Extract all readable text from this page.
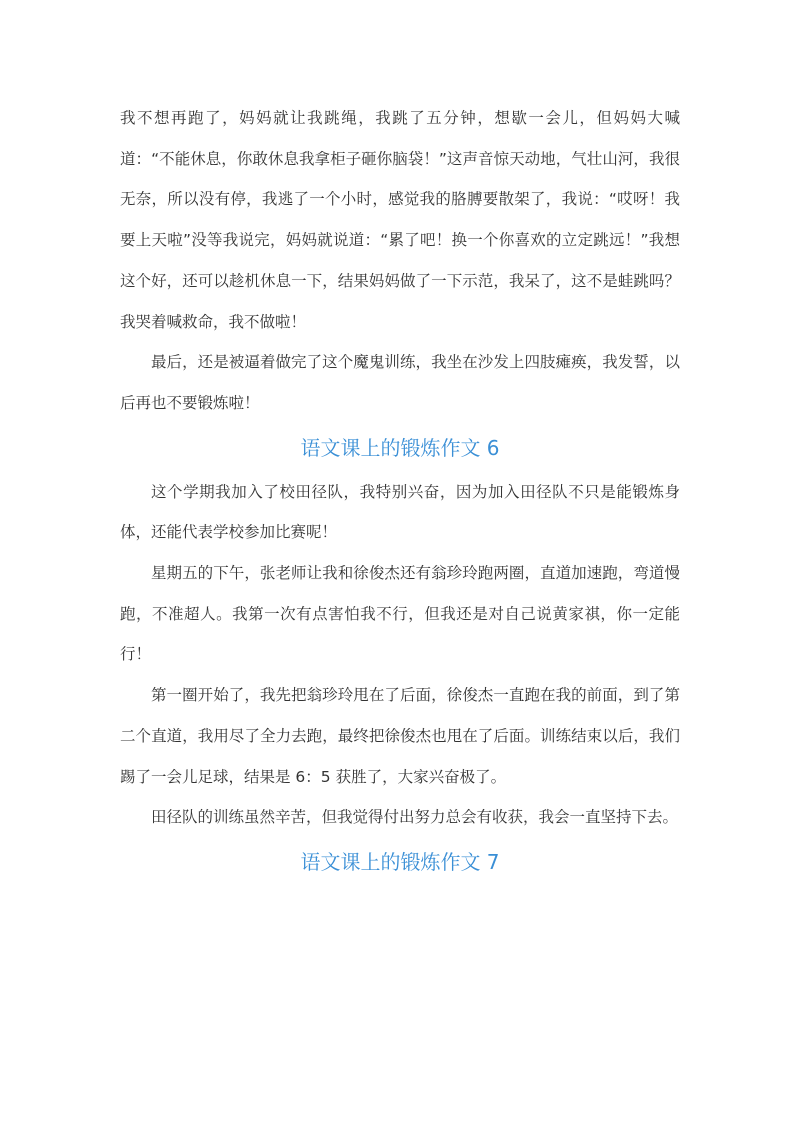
我不想再跑了，妈妈就让我跳绳，我跳了五分钟，想歇一会儿，但妈妈大喊道：“不能休息，你敢休息我拿柜子砸你脑袋！”这声音惊天动地，气壮山河，我很无奈，所以没有停，我逃了一个小时，感觉我的胳膊要散架了，我说：“哎呀！我要上天啦”没等我说完，妈妈就说道：“累了吧！换一个你喜欢的立定跳远！”我想这个好，还可以趁机休息一下，结果妈妈做了一下示范，我呆了，这不是蛙跳吗？我哭着喊救命，我不做啦！

最后，还是被逼着做完了这个魔鬼训练，我坐在沙发上四肢瘫痪，我发誓，以后再也不要锻炼啦！

语文课上的锻炼作文 6

这个学期我加入了校田径队，我特别兴奋，因为加入田径队不只是能锻炼身体，还能代表学校参加比赛呢！

星期五的下午，张老师让我和徐俊杰还有翁珍玲跑两圈，直道加速跑，弯道慢跑，不准超人。我第一次有点害怕我不行，但我还是对自己说黄家祺，你一定能行！

第一圈开始了，我先把翁珍玲甩在了后面，徐俊杰一直跑在我的前面，到了第二个直道，我用尽了全力去跑，最终把徐俊杰也甩在了后面。训练结束以后，我们踢了一会儿足球，结果是 6：5 获胜了，大家兴奋极了。

田径队的训练虽然辛苦，但我觉得付出努力总会有收获，我会一直坚持下去。

语文课上的锻炼作文 7
